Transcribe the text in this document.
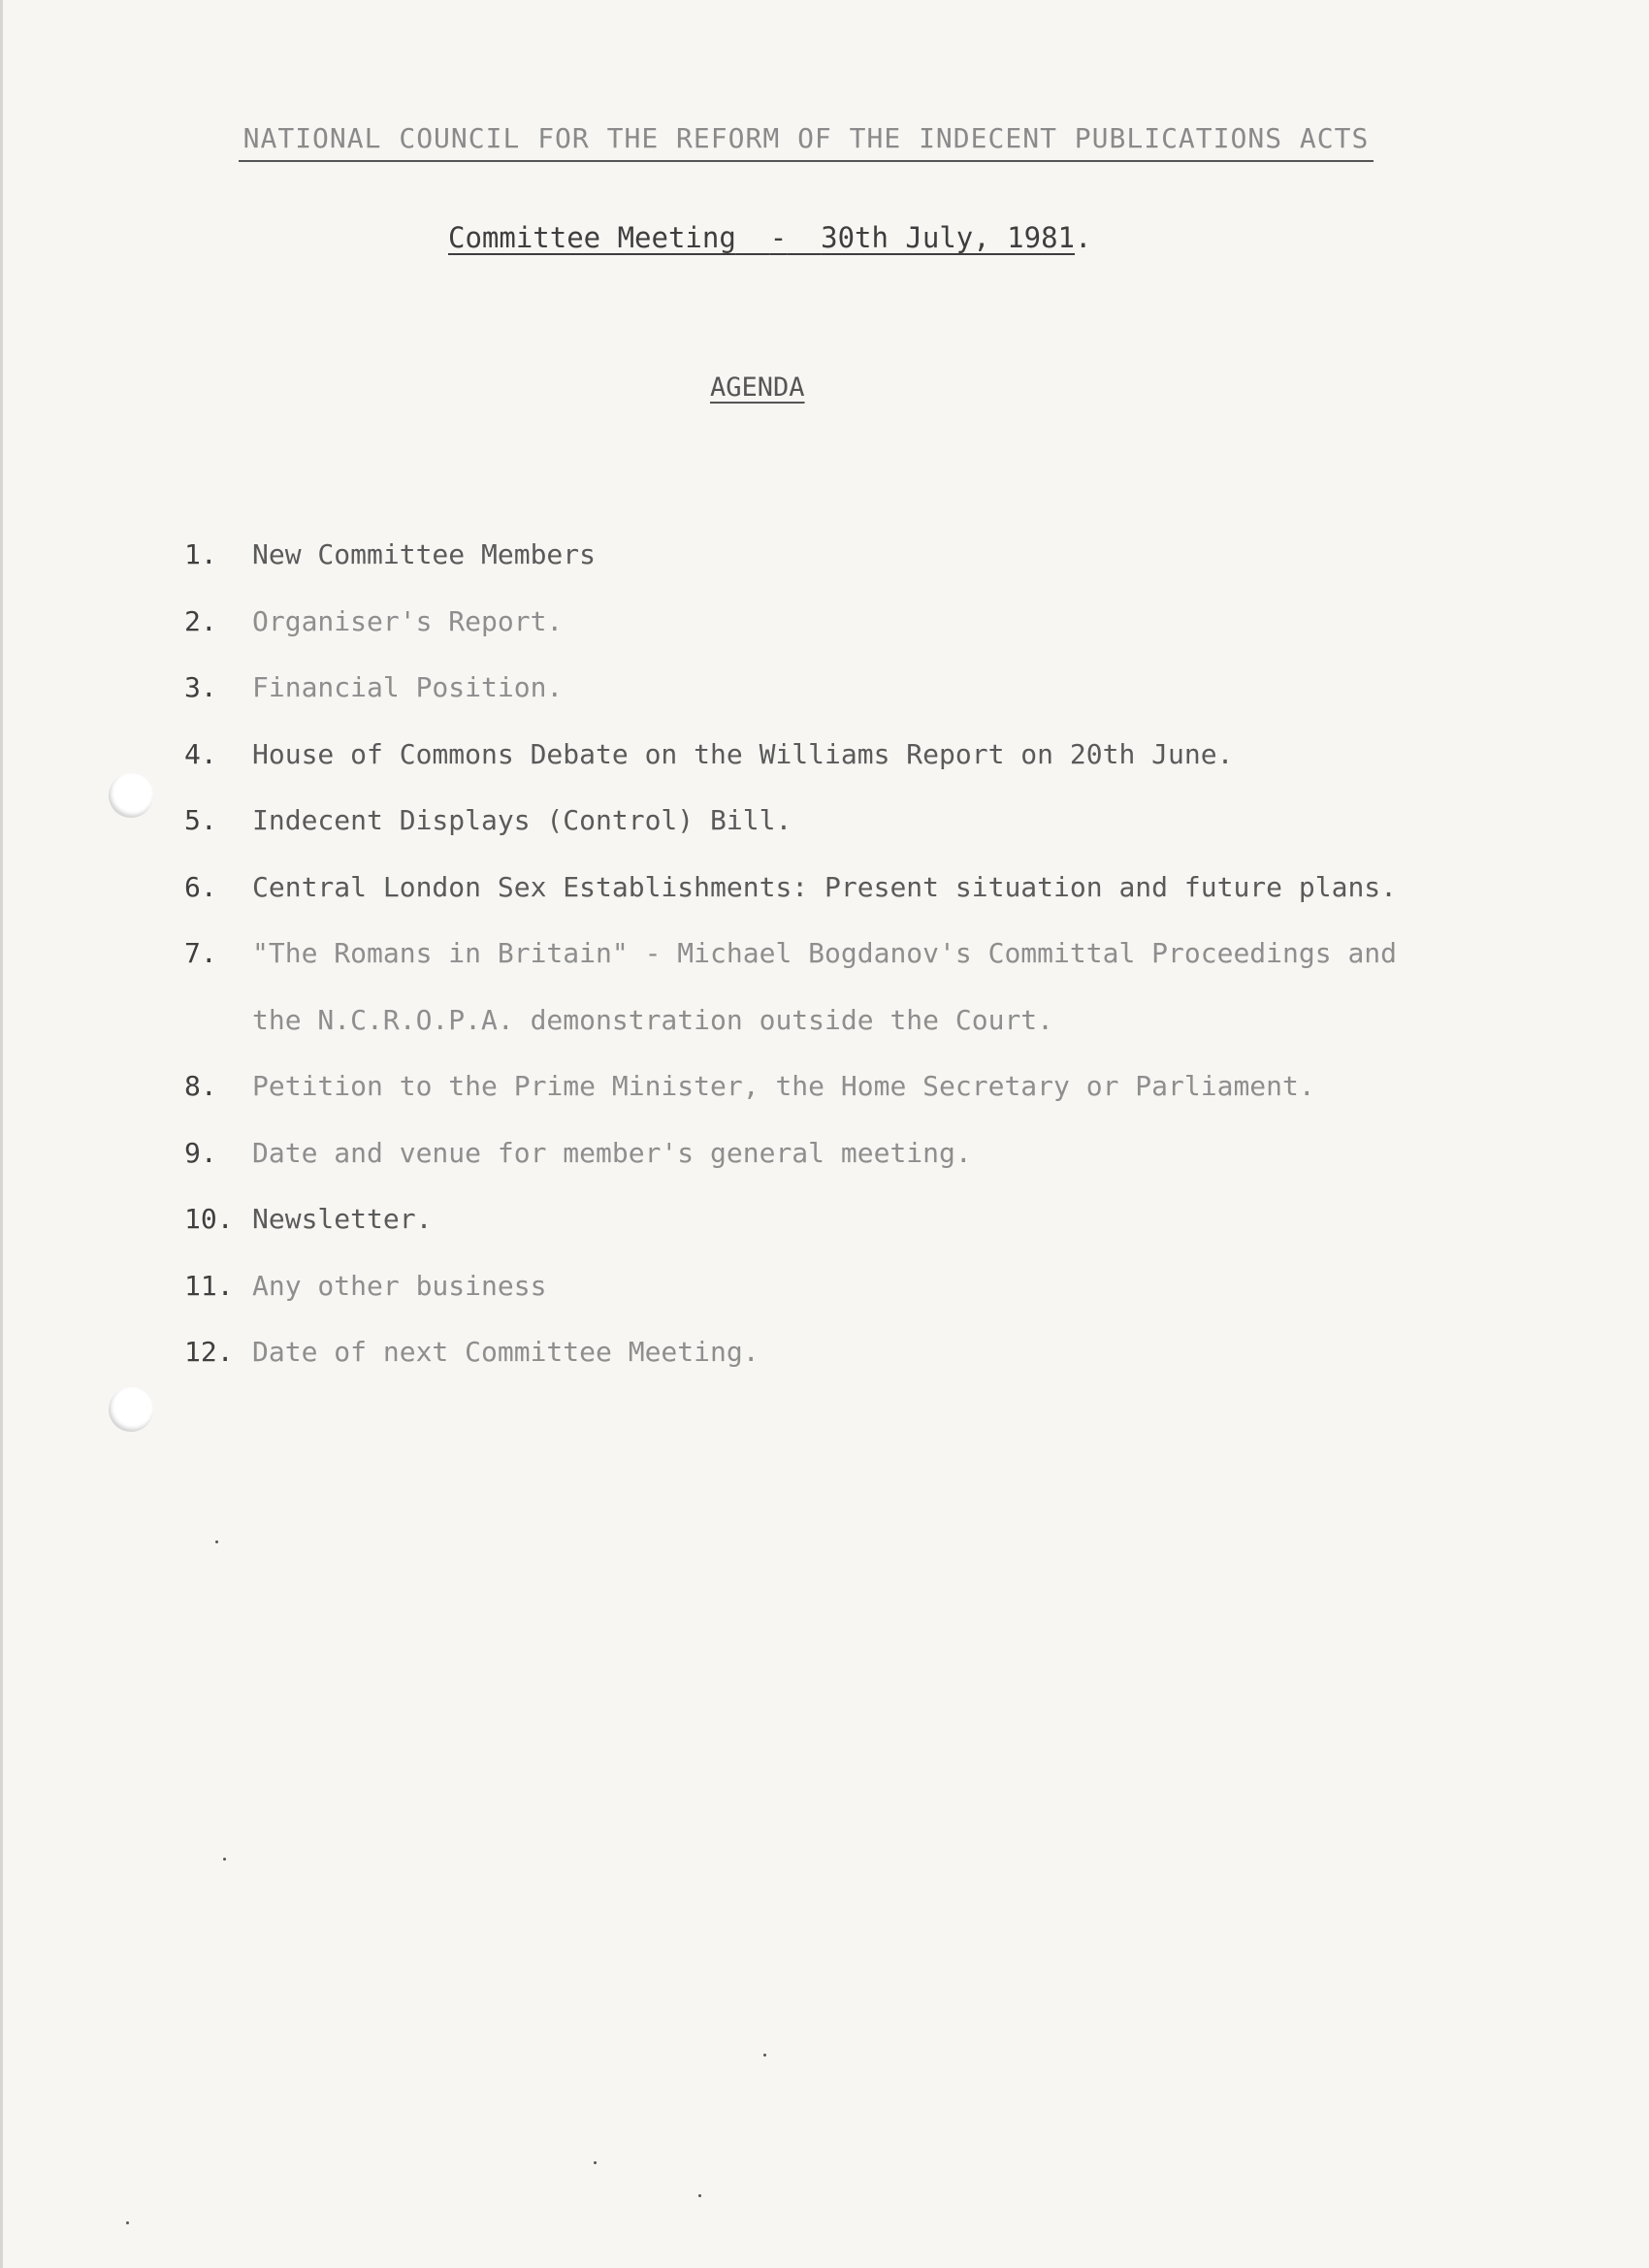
NATIONAL COUNCIL FOR THE REFORM OF THE INDECENT PUBLICATIONS ACTS
Committee Meeting - 30th July, 1981.
AGENDA
1.	New Committee Members
2.	Organiser's Report.
3.	Financial Position.
4.	House of Commons Debate on the Williams Report on 20th June.
5.	Indecent Displays (Control) Bill.
6.	Central London Sex Establishments: Present situation and future plans.
7.	"The Romans in Britain" - Michael Bogdanov's Committal Proceedings and the N.C.R.O.P.A. demonstration outside the Court.
8.	Petition to the Prime Minister, the Home Secretary or Parliament.
9.	Date and venue for member's general meeting.
10. Newsletter.
11. Any other business
12. Date of next Committee Meeting.
